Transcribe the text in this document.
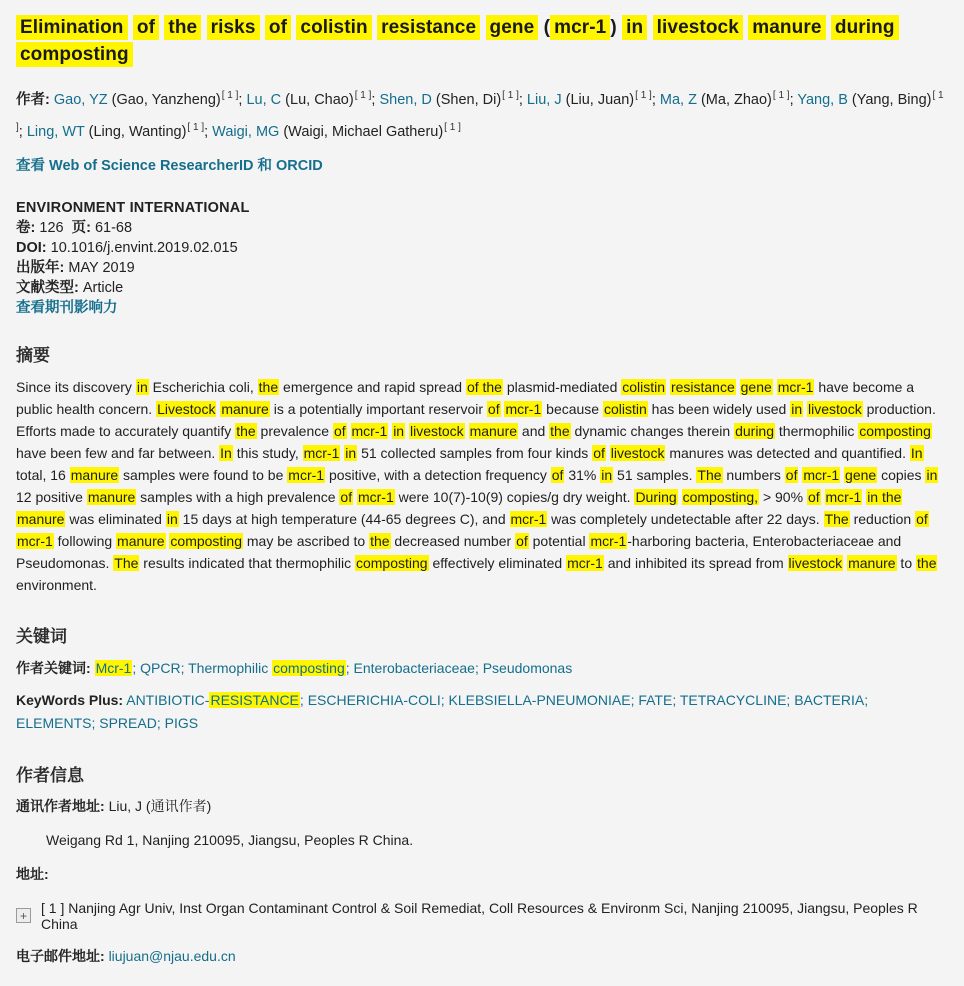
Elimination of the risks of colistin resistance gene ( mcr-1 ) in livestock manure during composting

作者: Gao, YZ (Gao, Yanzheng)[ 1 ]; Lu, C (Lu, Chao)[ 1 ]; Shen, D (Shen, Di)[ 1 ]; Liu, J (Liu, Juan)[ 1 ]; Ma, Z (Ma, Zhao)[ 1 ]; Yang, B (Yang, Bing)[ 1 ]; Ling, WT (Ling, Wanting)[ 1 ]; Waigi, MG (Waigi, Michael Gatheru)[ 1 ]

查看 Web of Science ResearcherID 和 ORCID

ENVIRONMENT INTERNATIONAL

卷: 126 页: 61-68

DOI: 10.1016/j.envint.2019.02.015

出版年: MAY 2019

文献类型: Article

查看期刊影响力

摘要

Since its discovery in Escherichia coli, the emergence and rapid spread of the plasmid-mediated colistin resistance gene mcr-1 have become a public health concern. Livestock manure is a potentially important reservoir of mcr-1 because colistin has been widely used in livestock production. Efforts made to accurately quantify the prevalence of mcr-1 in livestock manure and the dynamic changes therein during thermophilic composting have been few and far between. In this study, mcr-1 in 51 collected samples from four kinds of livestock manures was detected and quantified. In total, 16 manure samples were found to be mcr-1 positive, with a detection frequency of 31% in 51 samples. The numbers of mcr-1 gene copies in 12 positive manure samples with a high prevalence of mcr-1 were 10(7)-10(9) copies/g dry weight. During composting, > 90% of mcr-1 in the manure was eliminated in 15 days at high temperature (44-65 degrees C), and mcr-1 was completely undetectable after 22 days. The reduction of mcr-1 following manure composting may be ascribed to the decreased number of potential mcr-1-harboring bacteria, Enterobacteriaceae and Pseudomonas. The results indicated that thermophilic composting effectively eliminated mcr-1 and inhibited its spread from livestock manure to the environment.

关键词

作者关键词: Mcr-1; QPCR; Thermophilic composting; Enterobacteriaceae; Pseudomonas

KeyWords Plus: ANTIBIOTIC-RESISTANCE; ESCHERICHIA-COLI; KLEBSIELLA-PNEUMONIAE; FATE; TETRACYCLINE; BACTERIA; ELEMENTS; SPREAD; PIGS

作者信息

通讯作者地址: Liu, J (通讯作者)

Weigang Rd 1, Nanjing 210095, Jiangsu, Peoples R China.

地址:

+ [ 1 ] Nanjing Agr Univ, Inst Organ Contaminant Control & Soil Remediat, Coll Resources & Environm Sci, Nanjing 210095, Jiangsu, Peoples R China

电子邮件地址: liujuan@njau.edu.cn
